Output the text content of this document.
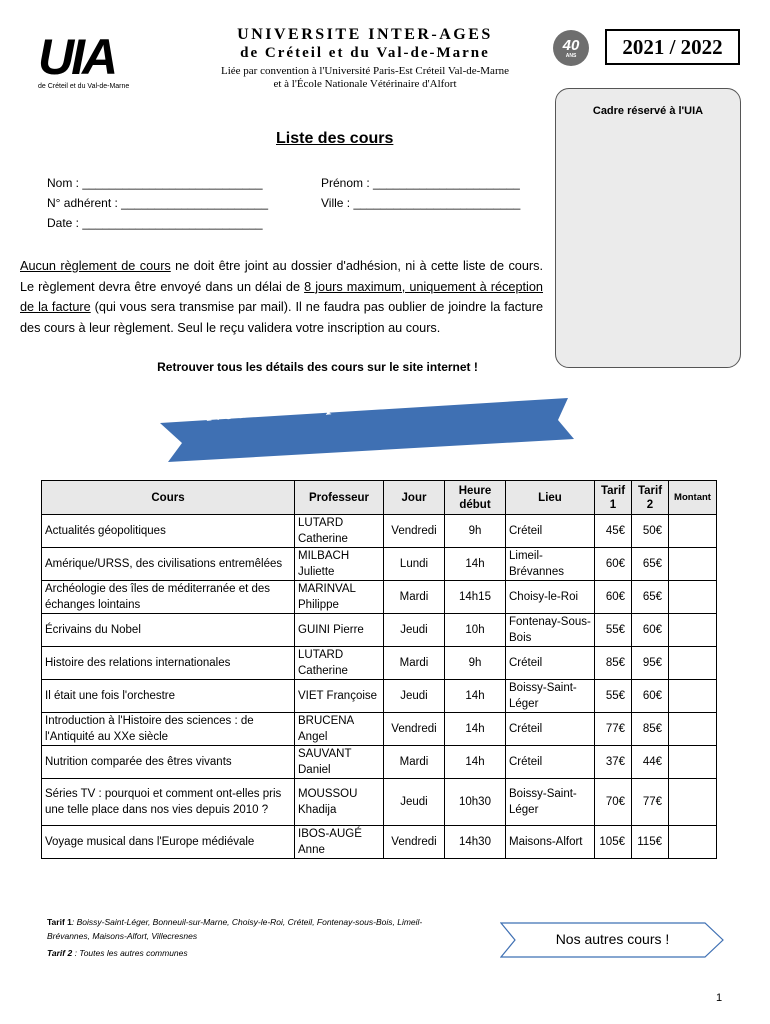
UIA
de Créteil et du Val-de-Marne
UNIVERSITE INTER-AGES
de Créteil et du Val-de-Marne
Liée par convention à l'Université Paris-Est Créteil Val-de-Marne
et à l'École Nationale Vétérinaire d'Alfort
40
ANS	2021 / 2022
Cadre réservé à l'UIA
Liste des cours
Nom : ___________________________	Prénom : ______________________
N° adhérent : ______________________	Ville : _________________________
Date : ___________________________
Aucun règlement de cours ne doit être joint au dossier d'adhésion, ni à cette liste de cours. Le règlement devra être envoyé dans un délai de 8 jours maximum, uniquement à réception de la facture (qui vous sera transmise par mail). Il ne faudra pas oublier de joindre la facture des cours à leur règlement. Seul le reçu validera votre inscription au cours.
Retrouver tous les détails des cours sur le site internet !
Nouveaux professeurs 2021
Cours	Professeur	Jour	Heure début	Lieu	Tarif 1	Tarif 2	Montant
Actualités géopolitiques	LUTARD Catherine	Vendredi	9h	Créteil	45€	50€	
Amérique/URSS, des civilisations entremêlées	MILBACH Juliette	Lundi	14h	Limeil-Brévannes	60€	65€	
Archéologie des îles de méditerranée et des échanges lointains	MARINVAL Philippe	Mardi	14h15	Choisy-le-Roi	60€	65€	
Écrivains du Nobel	GUINI Pierre	Jeudi	10h	Fontenay-Sous-Bois	55€	60€	
Histoire des relations internationales	LUTARD Catherine	Mardi	9h	Créteil	85€	95€	
Il était une fois l'orchestre	VIET Françoise	Jeudi	14h	Boissy-Saint-Léger	55€	60€	
Introduction à l'Histoire des sciences : de l'Antiquité au XXe siècle	BRUCENA Angel	Vendredi	14h	Créteil	77€	85€	
Nutrition comparée des êtres vivants	SAUVANT Daniel	Mardi	14h	Créteil	37€	44€	
Séries TV : pourquoi et comment ont-elles pris une telle place dans nos vies depuis 2010 ?	MOUSSOU Khadija	Jeudi	10h30	Boissy-Saint-Léger	70€	77€	
Voyage musical dans l'Europe médiévale	IBOS-AUGÉ Anne	Vendredi	14h30	Maisons-Alfort	105€	115€	
Tarif 1: Boissy-Saint-Léger, Bonneuil-sur-Marne, Choisy-le-Roi, Créteil, Fontenay-sous-Bois, Limeil-Brévannes, Maisons-Alfort, Villecresnes
Tarif 2 : Toutes les autres communes
Nos autres cours !
1
